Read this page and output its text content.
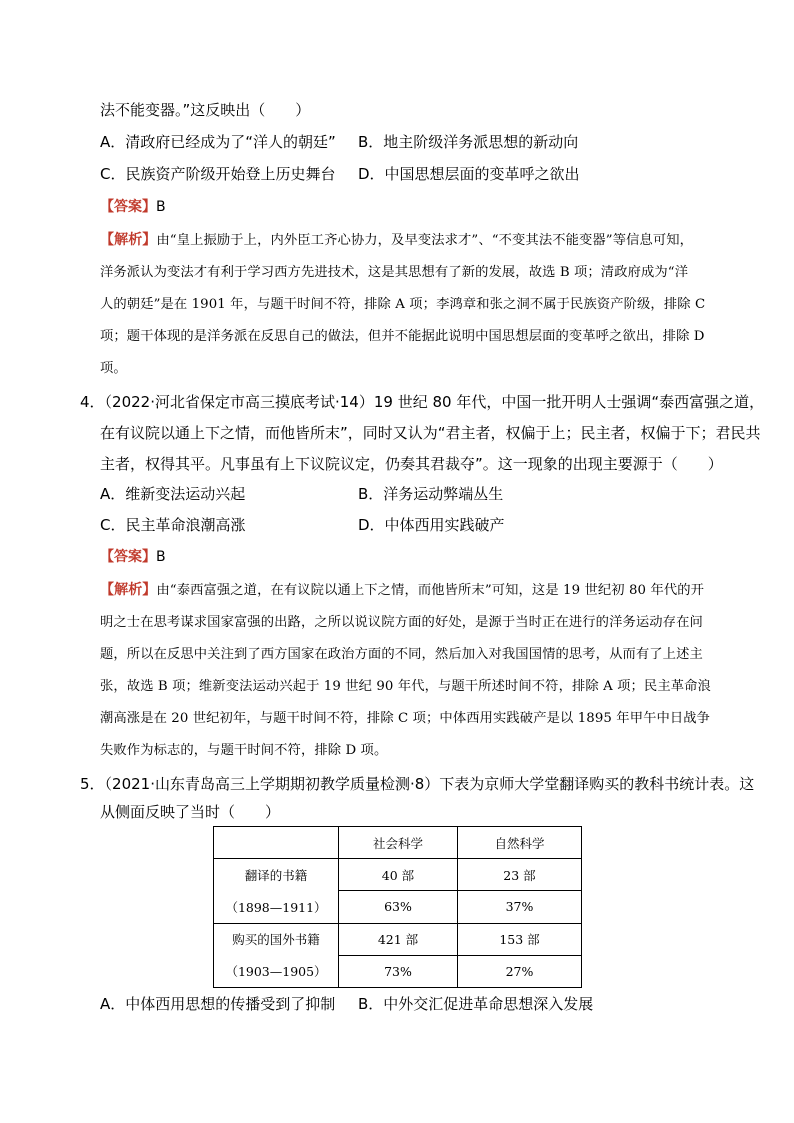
法不能变器。”这反映出（　　）
A．清政府已经成为了“洋人的朝廷” B．地主阶级洋务派思想的新动向
C．民族资产阶级开始登上历史舞台 D．中国思想层面的变革呼之欲出
【答案】B
【解析】由“皇上振励于上，内外臣工齐心协力，及早变法求才”、“不变其法不能变器”等信息可知，
洋务派认为变法才有利于学习西方先进技术，这是其思想有了新的发展，故选 B 项；清政府成为“洋
人的朝廷”是在 1901 年，与题干时间不符，排除 A 项；李鸿章和张之洞不属于民族资产阶级，排除 C
项；题干体现的是洋务派在反思自己的做法，但并不能据此说明中国思想层面的变革呼之欲出，排除 D
项。
4．（2022·河北省保定市高三摸底考试·14）19 世纪 80 年代，中国一批开明人士强调“泰西富强之道，
在有议院以通上下之情，而他皆所末”，同时又认为“君主者，权偏于上；民主者，权偏于下；君民共
主者，权得其平。凡事虽有上下议院议定，仍奏其君裁夺”。这一现象的出现主要源于（　　）
A．维新变法运动兴起	B．洋务运动弊端丛生
C．民主革命浪潮高涨	D．中体西用实践破产
【答案】B
【解析】由“泰西富强之道，在有议院以通上下之情，而他皆所末”可知，这是 19 世纪初 80 年代的开
明之士在思考谋求国家富强的出路，之所以说议院方面的好处，是源于当时正在进行的洋务运动存在问
题，所以在反思中关注到了西方国家在政治方面的不同，然后加入对我国国情的思考，从而有了上述主
张，故选 B 项；维新变法运动兴起于 19 世纪 90 年代，与题干所述时间不符，排除 A 项；民主革命浪
潮高涨是在 20 世纪初年，与题干时间不符，排除 C 项；中体西用实践破产是以 1895 年甲午中日战争
失败作为标志的，与题干时间不符，排除 D 项。
5．（2021·山东青岛高三上学期期初教学质量检测·8）下表为京师大学堂翻译购买的教科书统计表。这
从侧面反映了当时（　　）
	社会科学	自然科学
翻译的书籍	40 部	23 部
（1898—1911）	63%	37%
购买的国外书籍	421 部	153 部
（1903—1905）	73%	27%
A．中体西用思想的传播受到了抑制 B．中外交汇促进革命思想深入发展
